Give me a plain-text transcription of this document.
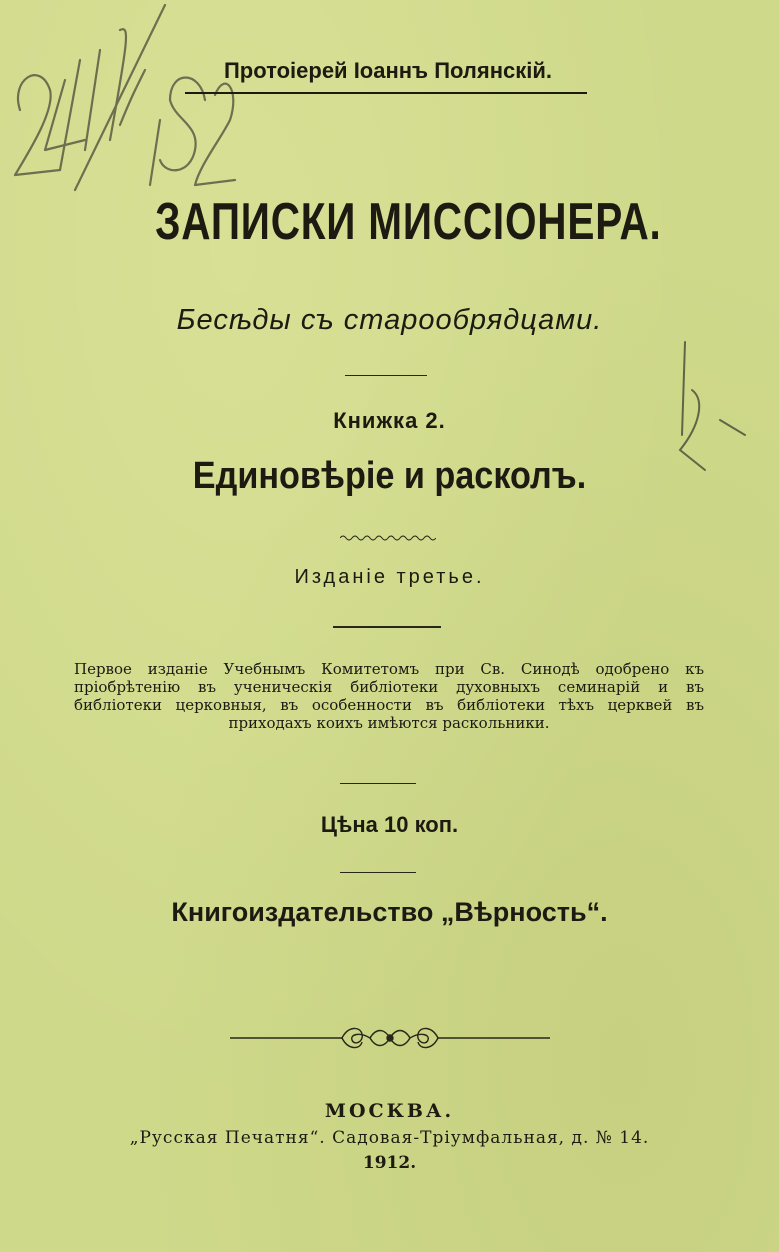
Протоіерей Іоаннъ Полянскій.
ЗАПИСКИ МИССІОНЕРА.
Бесѣды съ старообрядцами.
Книжка 2.
Единовѣріе и расколъ.
Изданіе третье.
Первое изданіе Учебнымъ Комитетомъ при Св. Синодѣ одобрено къ пріобрѣтенію въ ученическія библіотеки духовныхъ семинарій и въ библіотеки церковныя, въ особенности въ библіотеки тѣхъ церквей въ приходахъ коихъ имѣются раскольники.
Цѣна 10 коп.
Книгоиздательство „Вѣрность“.
МОСКВА.
„Русская Печатня“. Садовая-Тріумфальная, д. № 14.
1912.
